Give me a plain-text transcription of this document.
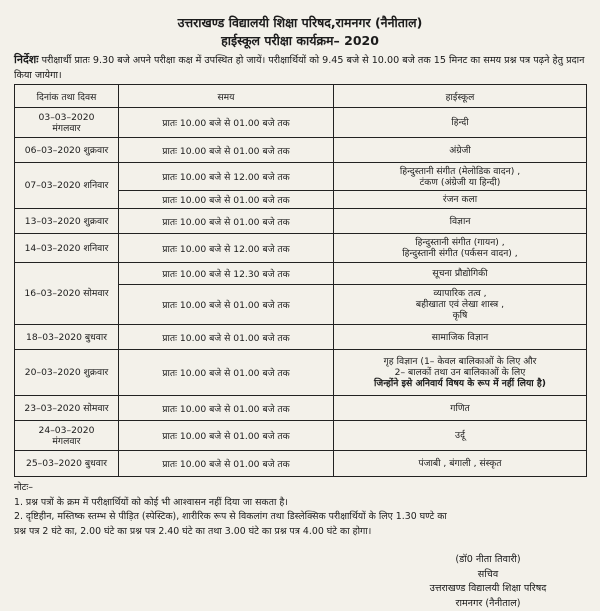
उत्तराखण्ड विद्यालयी शिक्षा परिषद,रामनगर (नैनीताल)
हाईस्कूल परीक्षा कार्यक्रम– 2020
निर्देशः परीक्षार्थी प्रातः 9.30 बजे अपने परीक्षा कक्ष में उपस्थित हो जायें। परीक्षार्थियों को 9.45 बजे से 10.00 बजे तक 15 मिनट का समय प्रश्न पत्र पढ़ने हेतु प्रदान किया जायेगा।
दिनांक तथा दिवस	समय	हाईस्कूल
03–03–2020
मंगलवार	प्रातः 10.00 बजे से 01.00 बजे तक	हिन्दी
06–03–2020 शुक्रवार	प्रातः 10.00 बजे से 01.00 बजे तक	अंग्रेजी
07–03–2020 शनिवार	प्रातः 10.00 बजे से 12.00 बजे तक	हिन्दुस्तानी संगीत (मेलोडिक वादन) ,
टंकण (अंग्रेजी या हिन्दी)
	प्रातः 10.00 बजे से 01.00 बजे तक	रंजन कला
13–03–2020 शुक्रवार	प्रातः 10.00 बजे से 01.00 बजे तक	विज्ञान
14–03–2020 शनिवार	प्रातः 10.00 बजे से 12.00 बजे तक	हिन्दुस्तानी संगीत (गायन) ,
हिन्दुस्तानी संगीत (पर्कसन वादन) ,
16–03–2020 सोमवार	प्रातः 10.00 बजे से 12.30 बजे तक	सूचना प्रौद्योगिकी
	प्रातः 10.00 बजे से 01.00 बजे तक	व्यापारिक तत्व ,
बहीखाता एवं लेखा शास्त्र ,
कृषि
18–03–2020 बुधवार	प्रातः 10.00 बजे से 01.00 बजे तक	सामाजिक विज्ञान
20–03–2020 शुक्रवार	प्रातः 10.00 बजे से 01.00 बजे तक	गृह विज्ञान (1– केवल बालिकाओं के लिए और
2– बालकों तथा उन बालिकाओं के लिए
जिन्होंने इसे अनिवार्य विषय के रूप में नहीं लिया है)
23–03–2020 सोमवार	प्रातः 10.00 बजे से 01.00 बजे तक	गणित
24–03–2020
मंगलवार	प्रातः 10.00 बजे से 01.00 बजे तक	उर्दू
25–03–2020 बुधवार	प्रातः 10.00 बजे से 01.00 बजे तक	पंजाबी , बंगाली , संस्कृत
नोटः–
1. प्रश्न पत्रों के क्रम में परीक्षार्थियों को कोई भी आश्वासन नहीं दिया जा सकता है।
2. दृष्टिहीन, मस्तिष्क स्तम्भ से पीड़ित (स्पेस्टिक), शारीरिक रूप से विकलांग तथा डिस्लेक्सिक परीक्षार्थियों के लिए 1.30 घण्टे का
प्रश्न पत्र 2 घंटे का, 2.00 घंटे का प्रश्न पत्र 2.40 घंटे का तथा 3.00 घंटे का प्रश्न पत्र 4.00 घंटे का होगा।
(डॉ0 नीता तिवारी)
सचिव
उत्तराखण्ड विद्यालयी शिक्षा परिषद
रामनगर (नैनीताल)
